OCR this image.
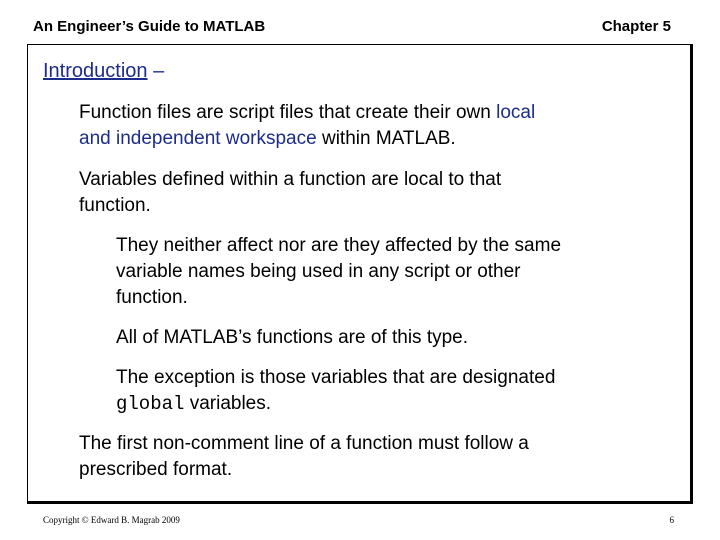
An Engineer’s Guide to MATLAB	Chapter 5
Introduction –
Function files are script files that create their own local
and independent workspace within MATLAB.
Variables defined within a function are local to that
function.
They neither affect nor are they affected by the same
variable names being used in any script or other
function.
All of MATLAB’s functions are of this type.
The exception is those variables that are designated
global variables.
The first non-comment line of a function must follow a
prescribed format.
Copyright © Edward B. Magrab 2009	6
